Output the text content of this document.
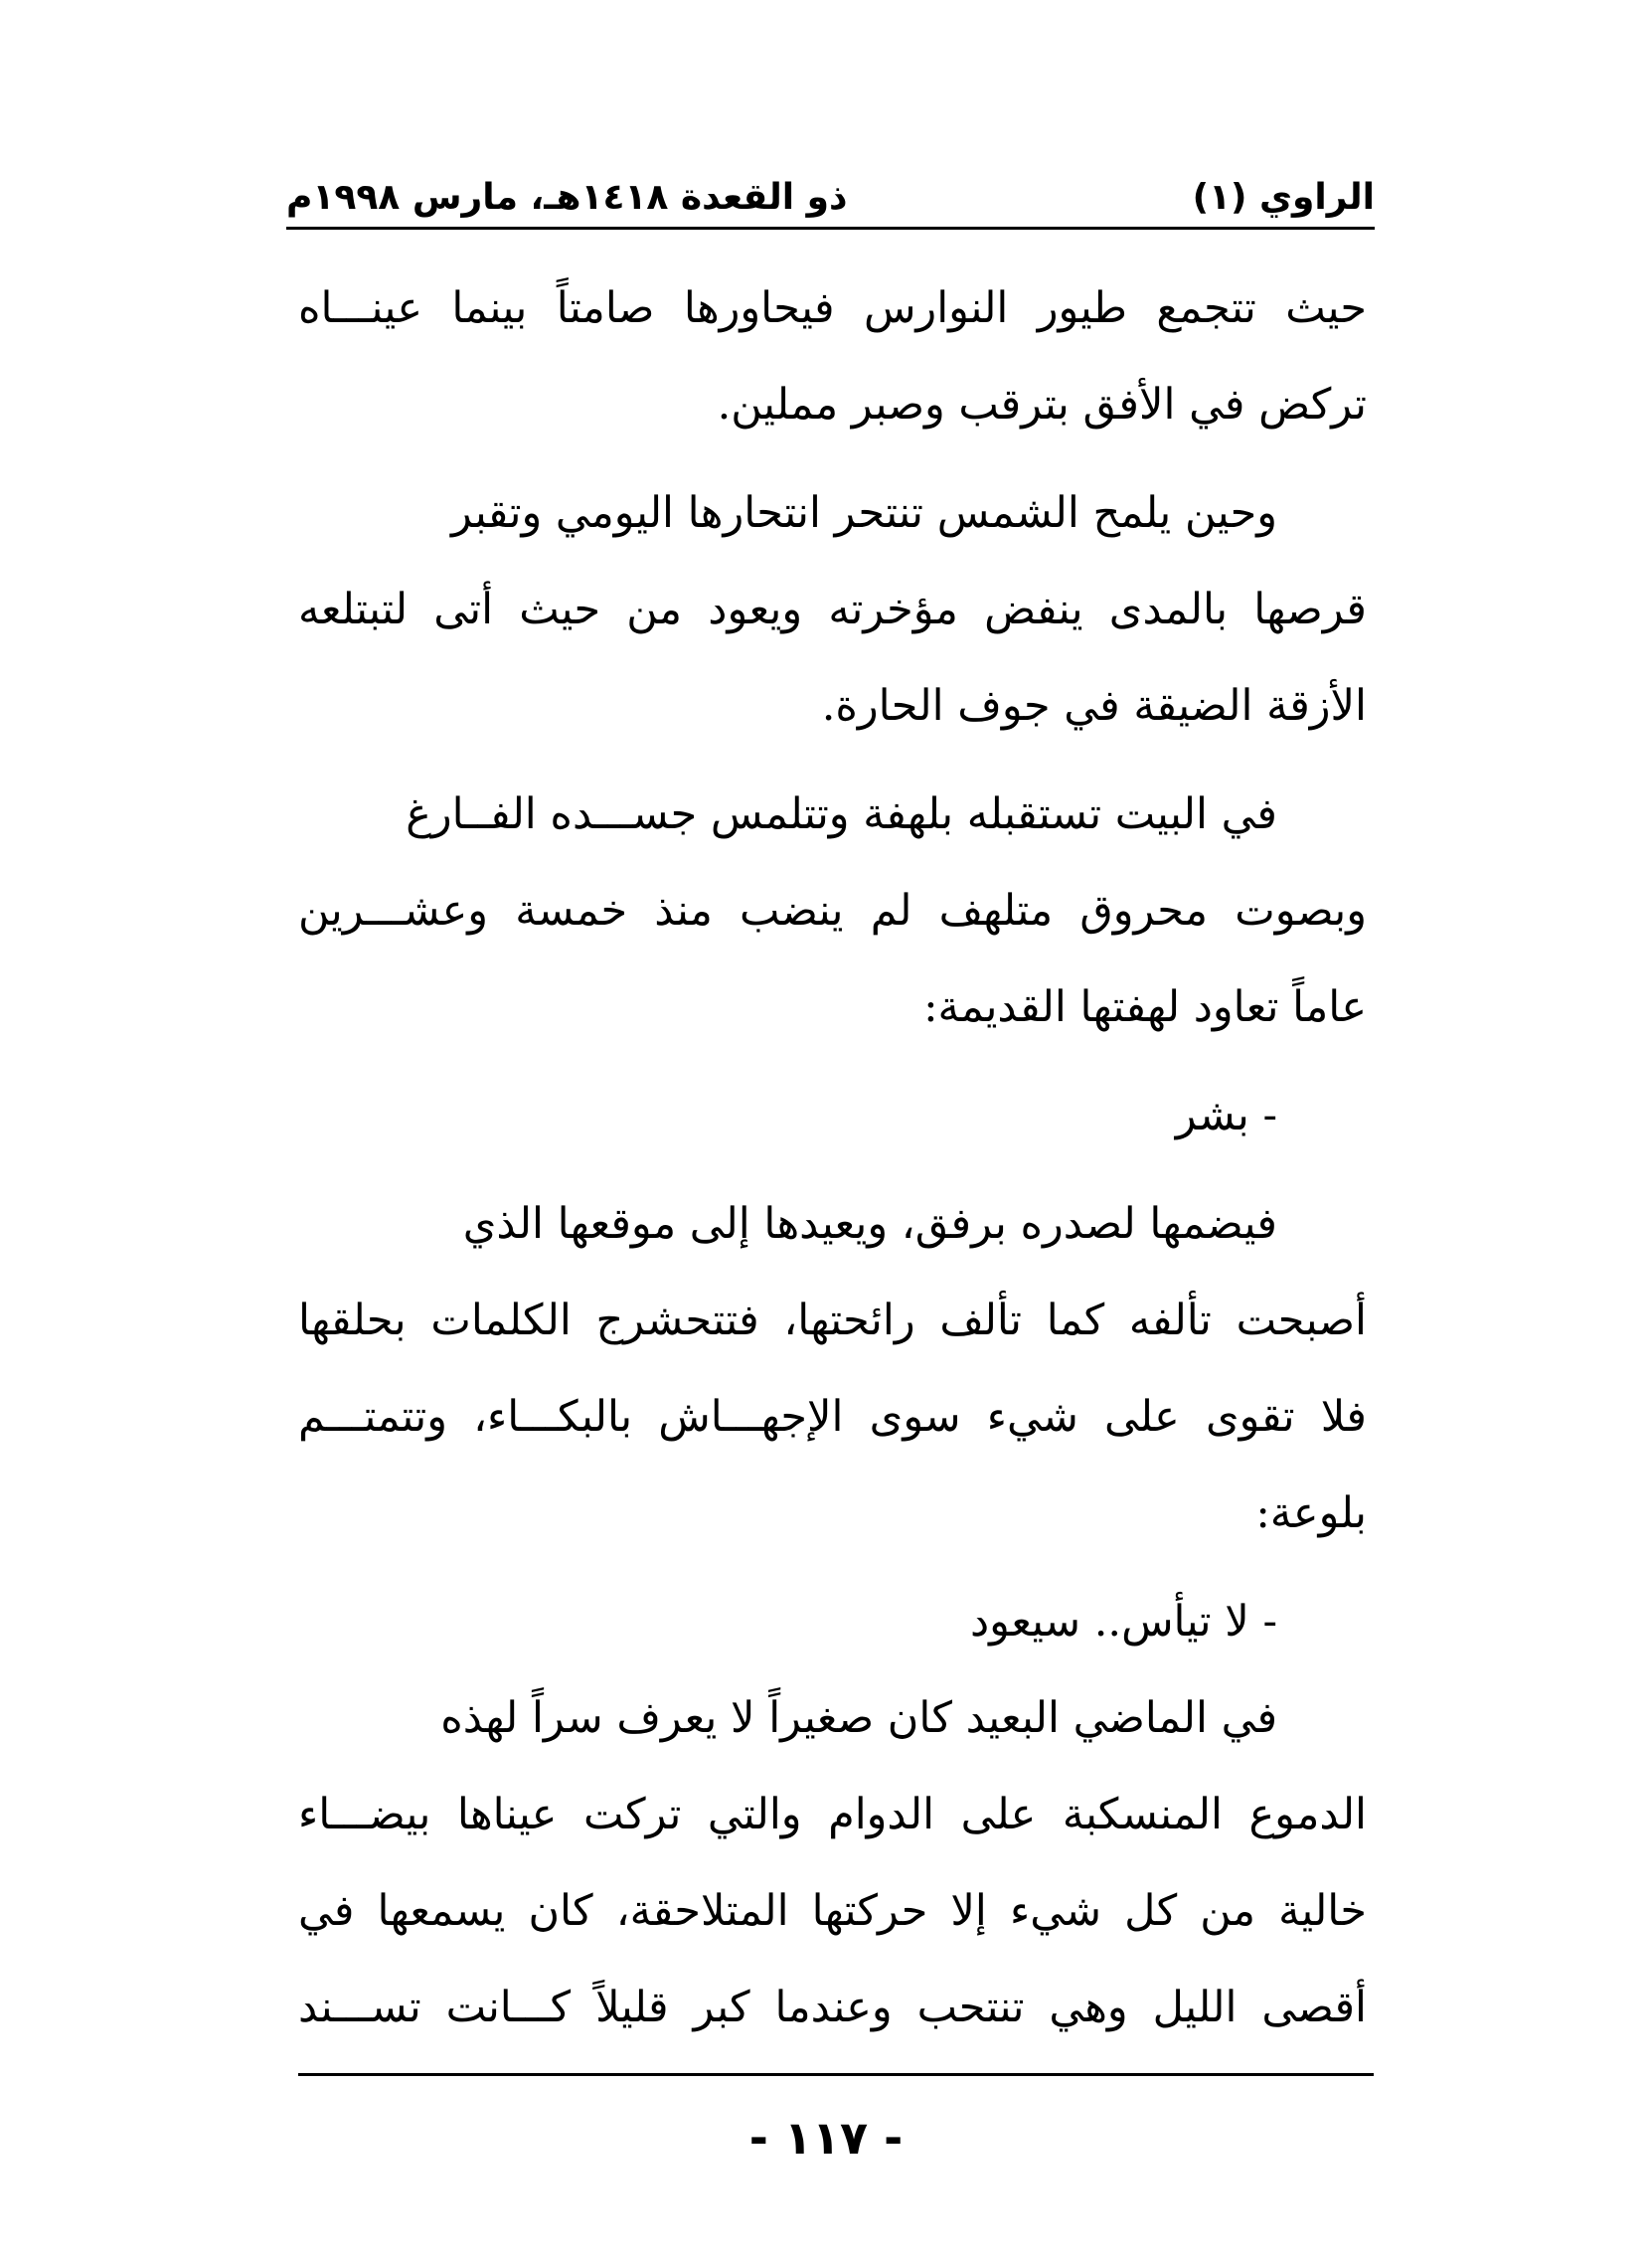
الراوي (١)
ذو القعدة ١٤١٨هـ، مارس ١٩٩٨م
حيث تتجمع طيور النوارس فيحاورها صامتاً بينما عينـــاه
تركض في الأفق بترقب وصبر مملين.
وحين يلمح الشمس تنتحر انتحارها اليومي وتقبر
قرصها بالمدى ينفض مؤخرته ويعود من حيث أتى لتبتلعه
الأزقة الضيقة في جوف الحارة.
في البيت تستقبله بلهفة وتتلمس جســـده الفــارغ
وبصوت محروق متلهف لم ينضب منذ خمسة وعشـــرين
عاماً تعاود لهفتها القديمة:
- بشر
فيضمها لصدره برفق، ويعيدها إلى موقعها الذي
أصبحت تألفه كما تألف رائحتها، فتتحشرج الكلمات بحلقها
فلا تقوى على شيء سوى الإجهـــاش بالبكـــاء، وتتمتـــم
بلوعة:
- لا تيأس.. سيعود
في الماضي البعيد كان صغيراً لا يعرف سراً لهذه
الدموع المنسكبة على الدوام والتي تركت عيناها بيضـــاء
خالية من كل شيء إلا حركتها المتلاحقة، كان يسمعها في
أقصى الليل وهي تنتحب وعندما كبر قليلاً كـــانت تســـند
- ١١٧ -
